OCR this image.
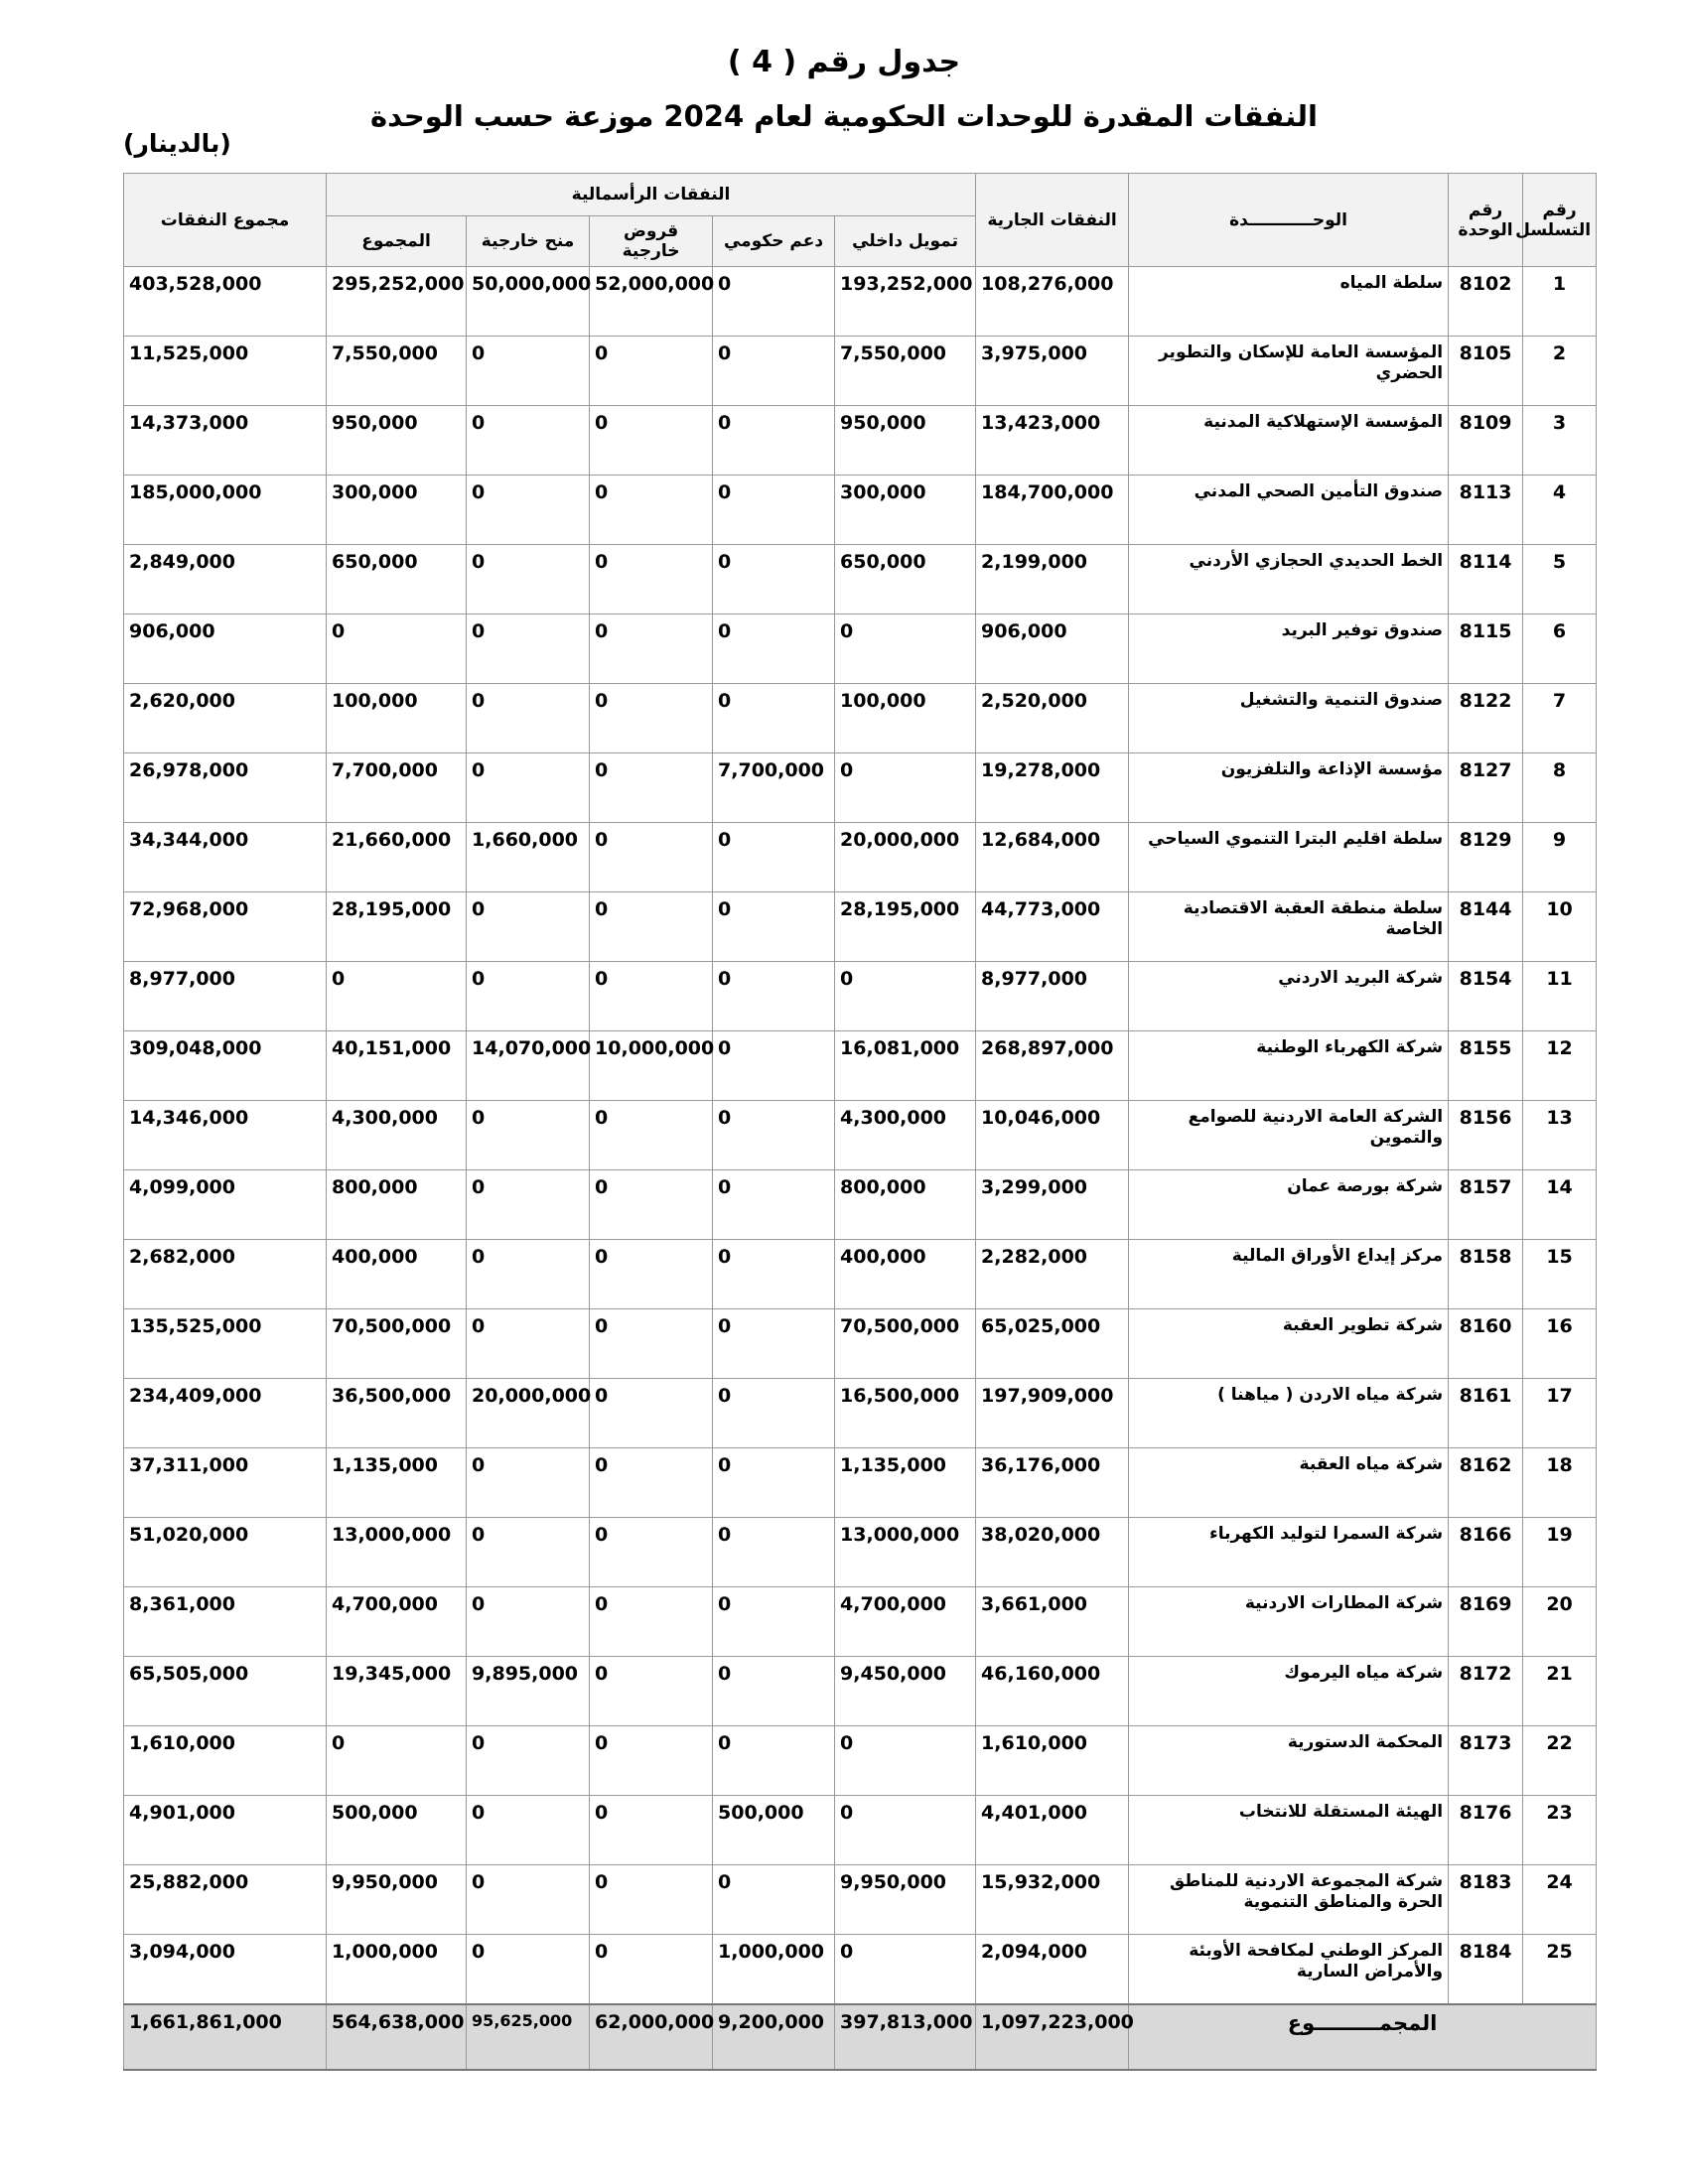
جدول رقم ( 4 )
النفقات المقدرة للوحدات الحكومية لعام 2024 موزعة حسب الوحدة
(بالدينار)
رقم التسلسل	رقم الوحدة	الوحـــــــــــدة	النفقات الجارية	النفقات الرأسمالية					مجموع النفقات
				تمويل داخلي	دعم حكومي	قروض خارجية	منح خارجية	المجموع	
1	8102	سلطة المياه	108,276,000	193,252,000	0	52,000,000	50,000,000	295,252,000	403,528,000
2	8105	المؤسسة العامة للإسكان والتطوير الحضري	3,975,000	7,550,000	0	0	0	7,550,000	11,525,000
3	8109	المؤسسة الإستهلاكية المدنية	13,423,000	950,000	0	0	0	950,000	14,373,000
4	8113	صندوق التأمين الصحي المدني	184,700,000	300,000	0	0	0	300,000	185,000,000
5	8114	الخط الحديدي الحجازي الأردني	2,199,000	650,000	0	0	0	650,000	2,849,000
6	8115	صندوق توفير البريد	906,000	0	0	0	0	0	906,000
7	8122	صندوق التنمية والتشغيل	2,520,000	100,000	0	0	0	100,000	2,620,000
8	8127	مؤسسة الإذاعة والتلفزيون	19,278,000	0	7,700,000	0	0	7,700,000	26,978,000
9	8129	سلطة اقليم البترا التنموي السياحي	12,684,000	20,000,000	0	0	1,660,000	21,660,000	34,344,000
10	8144	سلطة منطقة العقبة الاقتصادية الخاصة	44,773,000	28,195,000	0	0	0	28,195,000	72,968,000
11	8154	شركة البريد الاردني	8,977,000	0	0	0	0	0	8,977,000
12	8155	شركة الكهرباء الوطنية	268,897,000	16,081,000	0	10,000,000	14,070,000	40,151,000	309,048,000
13	8156	الشركة العامة الاردنية للصوامع والتموين	10,046,000	4,300,000	0	0	0	4,300,000	14,346,000
14	8157	شركة بورصة عمان	3,299,000	800,000	0	0	0	800,000	4,099,000
15	8158	مركز إيداع الأوراق المالية	2,282,000	400,000	0	0	0	400,000	2,682,000
16	8160	شركة تطوير العقبة	65,025,000	70,500,000	0	0	0	70,500,000	135,525,000
17	8161	شركة مياه الاردن ( مياهنا )	197,909,000	16,500,000	0	0	20,000,000	36,500,000	234,409,000
18	8162	شركة مياه العقبة	36,176,000	1,135,000	0	0	0	1,135,000	37,311,000
19	8166	شركة السمرا لتوليد الكهرباء	38,020,000	13,000,000	0	0	0	13,000,000	51,020,000
20	8169	شركة المطارات الاردنية	3,661,000	4,700,000	0	0	0	4,700,000	8,361,000
21	8172	شركة مياه اليرموك	46,160,000	9,450,000	0	0	9,895,000	19,345,000	65,505,000
22	8173	المحكمة الدستورية	1,610,000	0	0	0	0	0	1,610,000
23	8176	الهيئة المستقلة للانتخاب	4,401,000	0	500,000	0	0	500,000	4,901,000
24	8183	شركة المجموعة الاردنية للمناطق الحرة والمناطق التنموية	15,932,000	9,950,000	0	0	0	9,950,000	25,882,000
25	8184	المركز الوطني لمكافحة الأوبئة والأمراض السارية	2,094,000	0	1,000,000	0	0	1,000,000	3,094,000
المجمـــــــــوع			1,097,223,000	397,813,000	9,200,000	62,000,000	95,625,000	564,638,000	1,661,861,000
